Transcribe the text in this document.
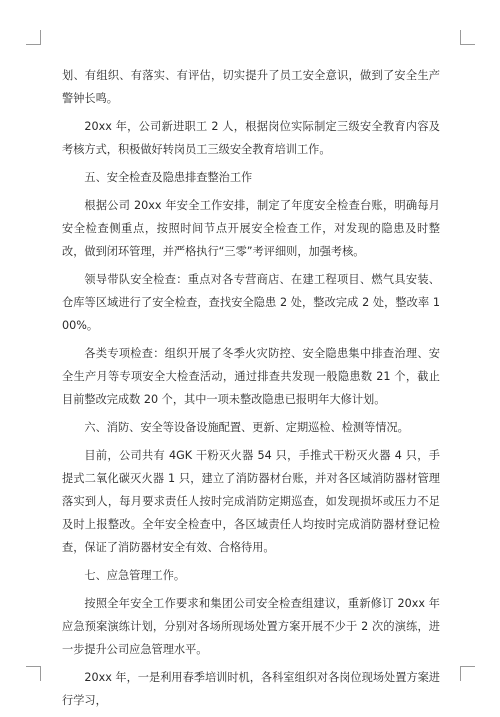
划、有组织、有落实、有评估，切实提升了员工安全意识，做到了安全生产警钟长鸣。

20xx 年，公司新进职工 2 人，根据岗位实际制定三级安全教育内容及考核方式，积极做好转岗员工三级安全教育培训工作。

五、安全检查及隐患排查整治工作

根据公司 20xx 年安全工作安排，制定了年度安全检查台账，明确每月安全检查侧重点，按照时间节点开展安全检查工作，对发现的隐患及时整改，做到闭环管理，并严格执行“三零”考评细则，加强考核。

领导带队安全检查：重点对各专营商店、在建工程项目、燃气具安装、仓库等区域进行了安全检查，查找安全隐患 2 处，整改完成 2 处，整改率 100%。

各类专项检查：组织开展了冬季火灾防控、安全隐患集中排查治理、安全生产月等专项安全大检查活动，通过排查共发现一般隐患数 21 个，截止目前整改完成数 20 个，其中一项未整改隐患已报明年大修计划。

六、消防、安全等设备设施配置、更新、定期巡检、检测等情况。

目前，公司共有 4GK 干粉灭火器 54 只，手推式干粉灭火器 4 只，手提式二氧化碳灭火器 1 只，建立了消防器材台账，并对各区域消防器材管理落实到人，每月要求责任人按时完成消防定期巡查，如发现损坏或压力不足及时上报整改。全年安全检查中，各区域责任人均按时完成消防器材登记检查，保证了消防器材安全有效、合格待用。

七、应急管理工作。

按照全年安全工作要求和集团公司安全检查组建议，重新修订 20xx 年应急预案演练计划，分别对各场所现场处置方案开展不少于 2 次的演练，进一步提升公司应急管理水平。

20xx 年，一是利用春季培训时机，各科室组织对各岗位现场处置方案进行学习，
